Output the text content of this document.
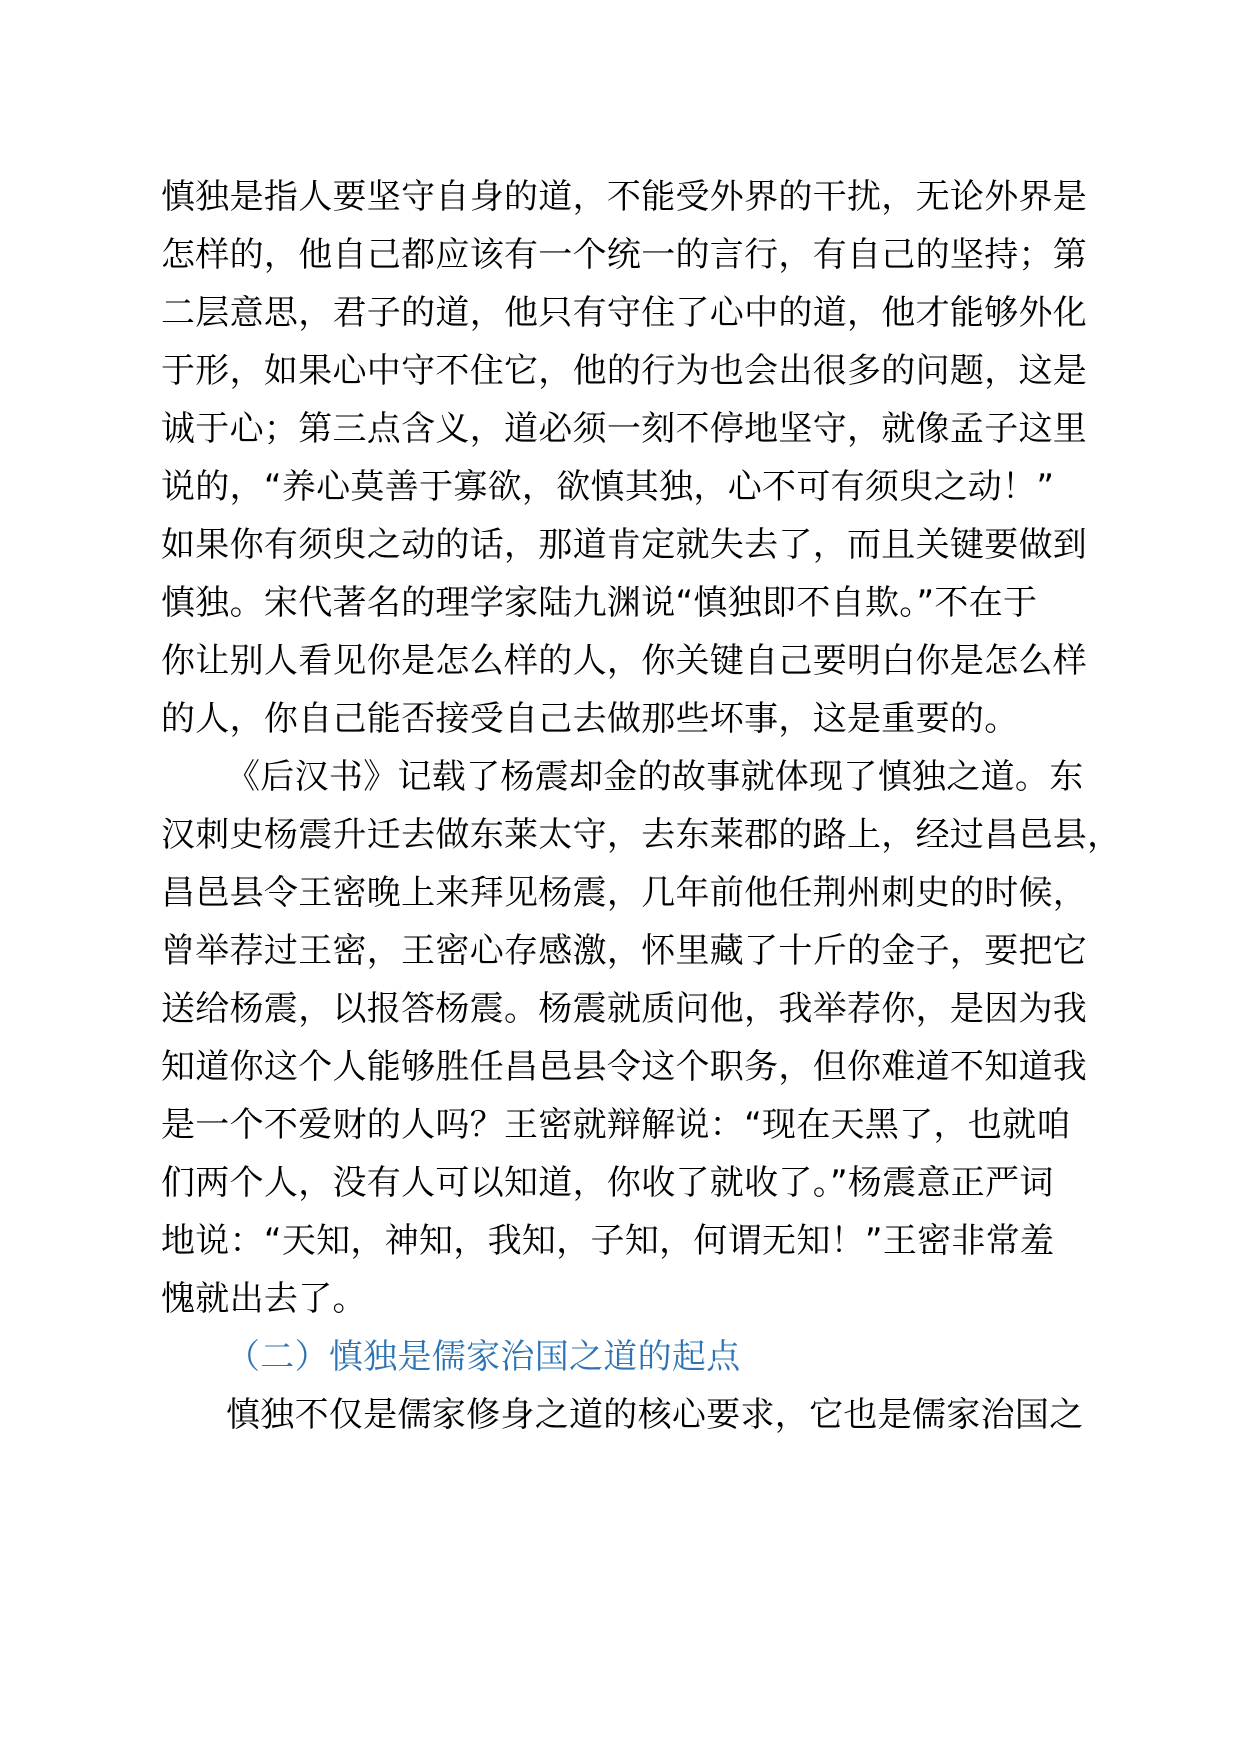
慎独是指人要坚守自身的道，不能受外界的干扰，无论外界是
怎样的，他自己都应该有一个统一的言行，有自己的坚持；第
二层意思，君子的道，他只有守住了心中的道，他才能够外化
于形，如果心中守不住它，他的行为也会出很多的问题，这是
诚于心；第三点含义，道必须一刻不停地坚守，就像孟子这里
说的，“养心莫善于寡欲，欲慎其独，心不可有须臾之动！”
如果你有须臾之动的话，那道肯定就失去了，而且关键要做到
慎独。宋代著名的理学家陆九渊说“慎独即不自欺。”不在于
你让别人看见你是怎么样的人，你关键自己要明白你是怎么样
的人，你自己能否接受自己去做那些坏事，这是重要的。
《后汉书》记载了杨震却金的故事就体现了慎独之道。东
汉刺史杨震升迁去做东莱太守，去东莱郡的路上，经过昌邑县，
昌邑县令王密晚上来拜见杨震，几年前他任荆州刺史的时候，
曾举荐过王密，王密心存感激，怀里藏了十斤的金子，要把它
送给杨震，以报答杨震。杨震就质问他，我举荐你，是因为我
知道你这个人能够胜任昌邑县令这个职务，但你难道不知道我
是一个不爱财的人吗？王密就辩解说：“现在天黑了，也就咱
们两个人，没有人可以知道，你收了就收了。”杨震意正严词
地说：“天知，神知，我知，子知，何谓无知！”王密非常羞
愧就出去了。
（二）慎独是儒家治国之道的起点
慎独不仅是儒家修身之道的核心要求，它也是儒家治国之
